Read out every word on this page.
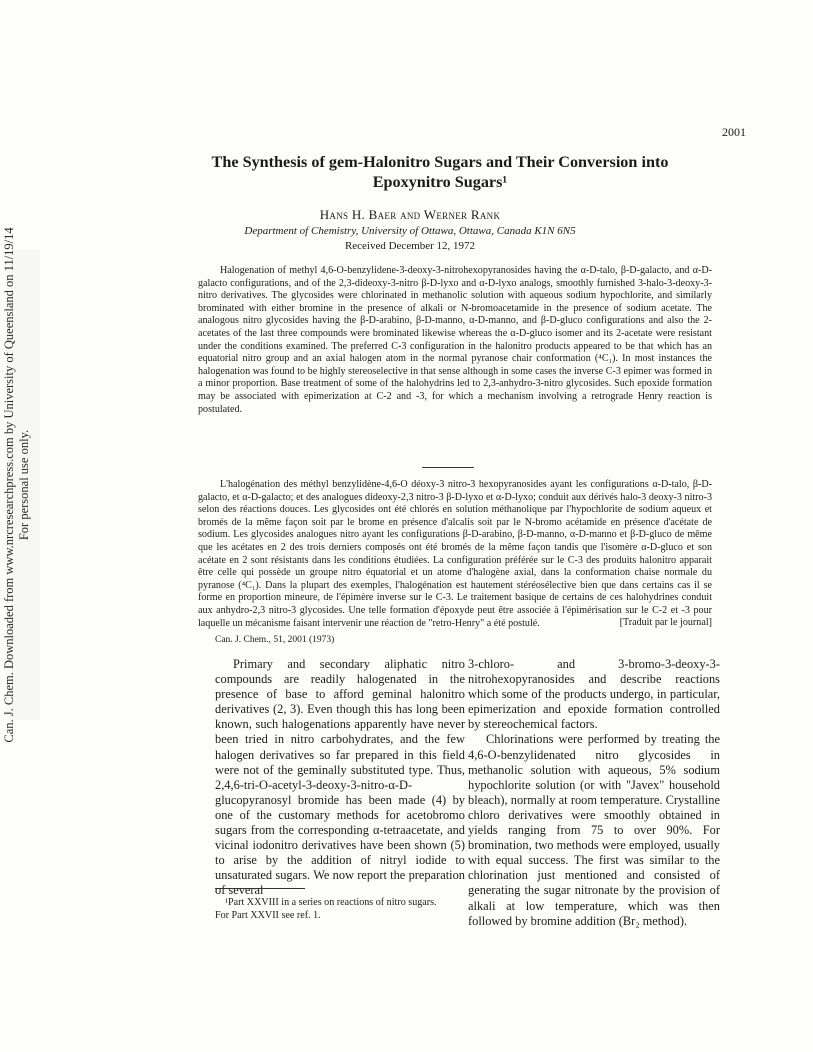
Can. J. Chem. Downloaded from www.nrcresearchpress.com by University of Queensland on 11/19/14 For personal use only.
2001
The Synthesis of gem-Halonitro Sugars and Their Conversion into
Epoxynitro Sugars¹
Hans H. Baer and Werner Rank
Department of Chemistry, University of Ottawa, Ottawa, Canada K1N 6N5
Received December 12, 1972

Halogenation of methyl 4,6-O-benzylidene-3-deoxy-3-nitrohexopyranosides having the α-D-talo, β-D-galacto, and α-D-galacto configurations, and of the 2,3-dideoxy-3-nitro β-D-lyxo and α-D-lyxo analogs, smoothly furnished 3-halo-3-deoxy-3-nitro derivatives. The glycosides were chlorinated in methanolic solution with aqueous sodium hypochlorite, and similarly brominated with either bromine in the presence of alkali or N-bromoacetamide in the presence of sodium acetate. The analogous nitro glycosides having the β-D-arabino, β-D-manno, α-D-manno, and β-D-gluco configurations and also the 2-acetates of the last three compounds were brominated likewise whereas the α-D-gluco isomer and its 2-acetate were resistant under the conditions examined. The preferred C-3 configuration in the halonitro products appeared to be that which has an equatorial nitro group and an axial halogen atom in the normal pyranose chair conformation (⁴C₁). In most instances the halogenation was found to be highly stereoselective in that sense although in some cases the inverse C-3 epimer was formed in a minor proportion. Base treatment of some of the halohydrins led to 2,3-anhydro-3-nitro glycosides. Such epoxide formation may be associated with epimerization at C-2 and -3, for which a mechanism involving a retrograde Henry reaction is postulated.

L'halogénation des méthyl benzylidène-4,6-O déoxy-3 nitro-3 hexopyranosides ayant les configurations α-D-talo, β-D-galacto, et α-D-galacto; et des analogues dideoxy-2,3 nitro-3 β-D-lyxo et α-D-lyxo; conduit aux dérivés halo-3 deoxy-3 nitro-3 selon des réactions douces. Les glycosides ont été chlorés en solution méthanolique par l'hypochlorite de sodium aqueux et bromés de la même façon soit par le brome en présence d'alcalis soit par le N-bromo acétamide en présence d'acétate de sodium. Les glycosides analogues nitro ayant les configurations β-D-arabino, β-D-manno, α-D-manno et β-D-gluco de même que les acétates en 2 des trois derniers composés ont été bromés de la même façon tandis que l'isomère α-D-gluco et son acétate en 2 sont résistants dans les conditions étudiées. La configuration préférée sur le C-3 des produits halonitro apparait être celle qui possède un groupe nitro équatorial et un atome d'halogène axial, dans la conformation chaise normale du pyranose (⁴C₁). Dans la plupart des exemples, l'halogénation est hautement stéréosélective bien que dans certains cas il se forme en proportion mineure, de l'épimère inverse sur le C-3. Le traitement basique de certains de ces halohydrines conduit aux anhydro-2,3 nitro-3 glycosides. Une telle formation d'époxyde peut être associée à l'épimérisation sur le C-2 et -3 pour laquelle un mécanisme faisant intervenir une réaction de "retro-Henry" a été postulé.	[Traduit par le journal]
Can. J. Chem., 51, 2001 (1973)

Primary and secondary aliphatic nitro compounds are readily halogenated in the presence of base to afford geminal halonitro derivatives (2, 3). Even though this has long been known, such halogenations apparently have never been tried in nitro carbohydrates, and the few halogen derivatives so far prepared in this field were not of the geminally substituted type. Thus, 2,4,6-tri-O-acetyl-3-deoxy-3-nitro-α-D-glucopyranosyl bromide has been made (4) by one of the customary methods for acetobromo sugars from the corresponding α-tetraacetate, and vicinal iodonitro derivatives have been shown (5) to arise by the addition of nitryl iodide to unsaturated sugars. We now report the preparation of several

3-chloro- and 3-bromo-3-deoxy-3-nitrohexopyranosides and describe reactions which some of the products undergo, in particular, epimerization and epoxide formation controlled by stereochemical factors.

Chlorinations were performed by treating the 4,6-O-benzylidenated nitro glycosides in methanolic solution with aqueous, 5% sodium hypochlorite solution (or with "Javex" household bleach), normally at room temperature. Crystalline chloro derivatives were smoothly obtained in yields ranging from 75 to over 90%. For bromination, two methods were employed, usually with equal success. The first was similar to the chlorination just mentioned and consisted of generating the sugar nitronate by the provision of alkali at low temperature, which was then followed by bromine addition (Br₂ method).

¹Part XXVIII in a series on reactions of nitro sugars.
For Part XXVII see ref. 1.
